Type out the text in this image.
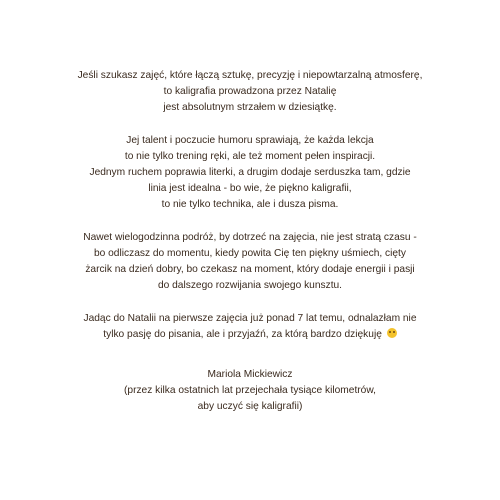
Jeśli szukasz zajęć, które łączą sztukę, precyzję i niepowtarzalną atmosferę,
to kaligrafia prowadzona przez Natalię
jest absolutnym strzałem w dziesiątkę.
Jej talent i poczucie humoru sprawiają, że każda lekcja
to nie tylko trening ręki, ale też moment pełen inspiracji.
Jednym ruchem poprawia literki, a drugim dodaje serduszka tam, gdzie
linia jest idealna - bo wie, że piękno kaligrafii,
to nie tylko technika, ale i dusza pisma.
Nawet wielogodzinna podróż, by dotrzeć na zajęcia, nie jest stratą czasu -
bo odliczasz do momentu, kiedy powita Cię ten piękny uśmiech, cięty
żarcik na dzień dobry, bo czekasz na moment, który dodaje energii i pasji
do dalszego rozwijania swojego kunsztu.
Jadąc do Natalii na pierwsze zajęcia już ponad 7 lat temu, odnalazłam nie
tylko pasję do pisania, ale i przyjaźń, za którą bardzo dziękuję
Mariola Mickiewicz
(przez kilka ostatnich lat przejechała tysiące kilometrów,
aby uczyć się kaligrafii)
